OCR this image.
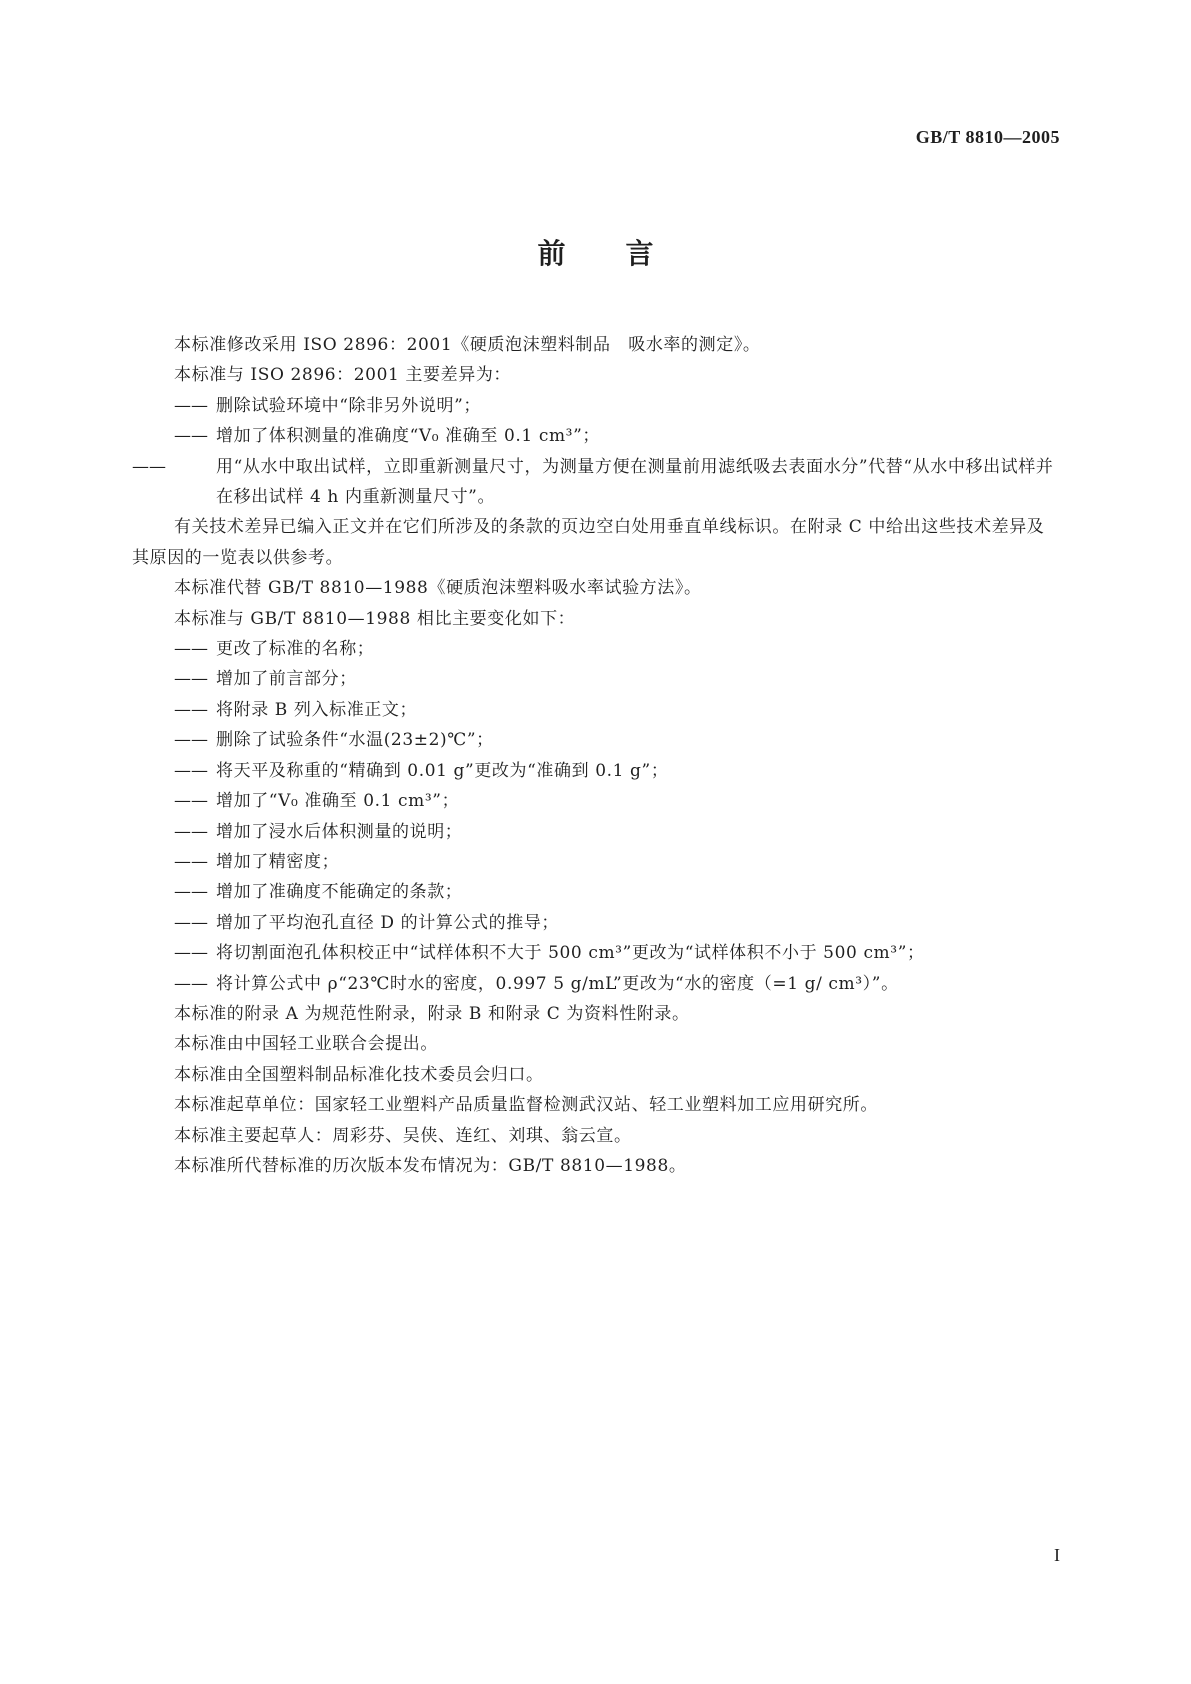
GB/T 8810—2005
前言

本标准修改采用 ISO 2896：2001《硬质泡沫塑料制品　吸水率的测定》。

本标准与 ISO 2896：2001 主要差异为：

—— 删除试验环境中“除非另外说明”；

—— 增加了体积测量的准确度“V₀ 准确至 0.1 cm³”；

——	用“从水中取出试样，立即重新测量尺寸，为测量方便在测量前用滤纸吸去表面水分”代替“从水中移出试样并在移出试样 4 h 内重新测量尺寸”。

有关技术差异已编入正文并在它们所涉及的条款的页边空白处用垂直单线标识。在附录 C 中给出这些技术差异及其原因的一览表以供参考。

本标准代替 GB/T 8810—1988《硬质泡沫塑料吸水率试验方法》。

本标准与 GB/T 8810—1988 相比主要变化如下：

—— 更改了标准的名称；

—— 增加了前言部分；

—— 将附录 B 列入标准正文；

—— 删除了试验条件“水温(23±2)℃”；

—— 将天平及称重的“精确到 0.01 g”更改为“准确到 0.1 g”；

—— 增加了“V₀ 准确至 0.1 cm³”；

—— 增加了浸水后体积测量的说明；

—— 增加了精密度；

—— 增加了准确度不能确定的条款；

—— 增加了平均泡孔直径 D 的计算公式的推导；

—— 将切割面泡孔体积校正中“试样体积不大于 500 cm³”更改为“试样体积不小于 500 cm³”；

—— 将计算公式中 ρ“23℃时水的密度，0.997 5 g/mL”更改为“水的密度（=1 g/ cm³）”。

本标准的附录 A 为规范性附录，附录 B 和附录 C 为资料性附录。

本标准由中国轻工业联合会提出。

本标准由全国塑料制品标准化技术委员会归口。

本标准起草单位：国家轻工业塑料产品质量监督检测武汉站、轻工业塑料加工应用研究所。

本标准主要起草人：周彩芬、吴侠、连红、刘琪、翁云宣。

本标准所代替标准的历次版本发布情况为：GB/T 8810—1988。

I
